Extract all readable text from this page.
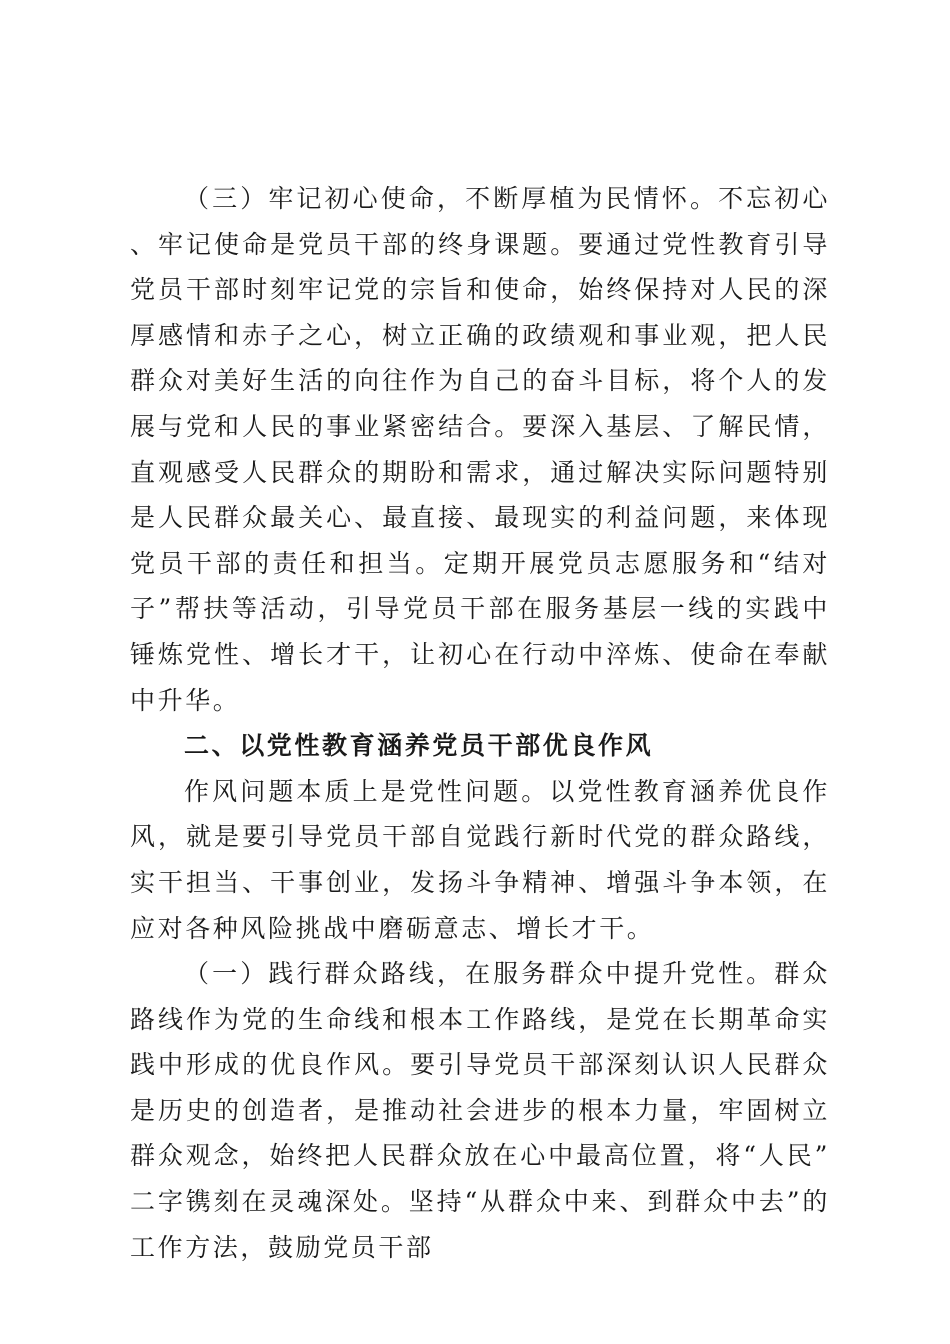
（三）牢记初心使命，不断厚植为民情怀。不忘初心、牢记使命是党员干部的终身课题。要通过党性教育引导党员干部时刻牢记党的宗旨和使命，始终保持对人民的深厚感情和赤子之心，树立正确的政绩观和事业观，把人民群众对美好生活的向往作为自己的奋斗目标，将个人的发展与党和人民的事业紧密结合。要深入基层、了解民情，直观感受人民群众的期盼和需求，通过解决实际问题特别是人民群众最关心、最直接、最现实的利益问题，来体现党员干部的责任和担当。定期开展党员志愿服务和“结对子”帮扶等活动，引导党员干部在服务基层一线的实践中锤炼党性、增长才干，让初心在行动中淬炼、使命在奉献中升华。

二、以党性教育涵养党员干部优良作风

作风问题本质上是党性问题。以党性教育涵养优良作风，就是要引导党员干部自觉践行新时代党的群众路线，实干担当、干事创业，发扬斗争精神、增强斗争本领，在应对各种风险挑战中磨砺意志、增长才干。

（一）践行群众路线，在服务群众中提升党性。群众路线作为党的生命线和根本工作路线，是党在长期革命实践中形成的优良作风。要引导党员干部深刻认识人民群众是历史的创造者，是推动社会进步的根本力量，牢固树立群众观念，始终把人民群众放在心中最高位置，将“人民”二字镌刻在灵魂深处。坚持“从群众中来、到群众中去”的工作方法，鼓励党员干部
